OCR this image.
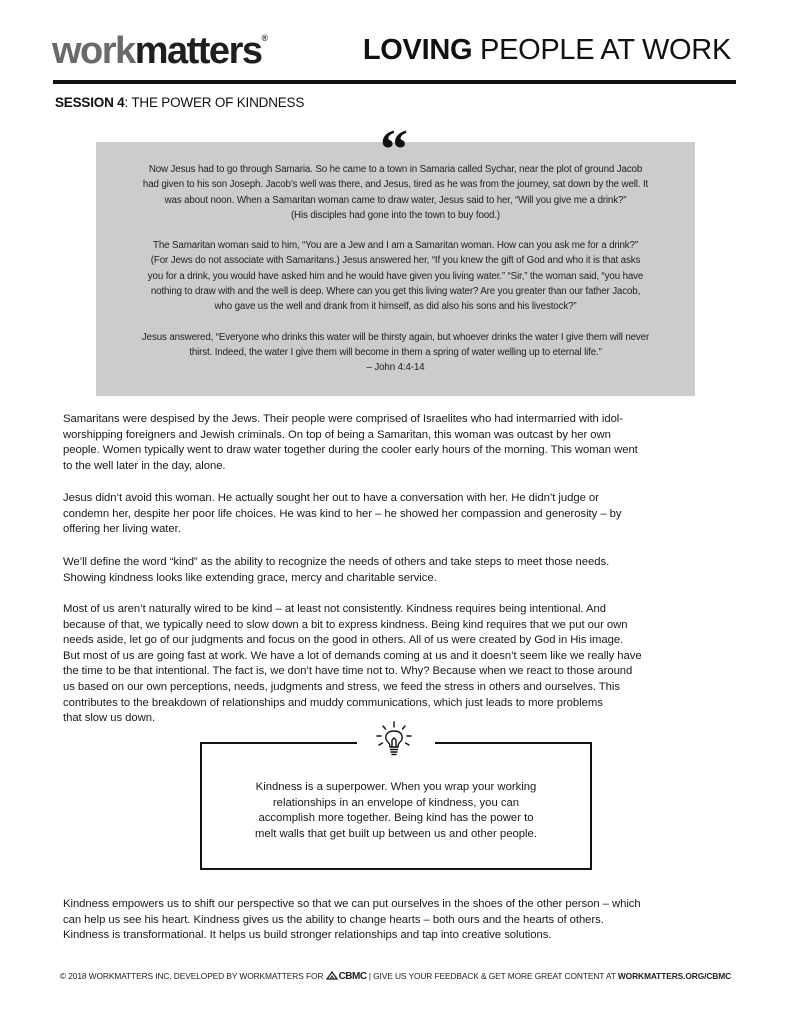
workmatters®	LOVING PEOPLE AT WORK
SESSION 4: THE POWER OF KINDNESS

Now Jesus had to go through Samaria. So he came to a town in Samaria called Sychar, near the plot of ground Jacob
had given to his son Joseph. Jacob’s well was there, and Jesus, tired as he was from the journey, sat down by the well. It
was about noon. When a Samaritan woman came to draw water, Jesus said to her, “Will you give me a drink?”
(His disciples had gone into the town to buy food.)

The Samaritan woman said to him, “You are a Jew and I am a Samaritan woman. How can you ask me for a drink?”
(For Jews do not associate with Samaritans.) Jesus answered her, “If you knew the gift of God and who it is that asks
you for a drink, you would have asked him and he would have given you living water.” “Sir,” the woman said, “you have
nothing to draw with and the well is deep. Where can you get this living water? Are you greater than our father Jacob,
who gave us the well and drank from it himself, as did also his sons and his livestock?”

Jesus answered, “Everyone who drinks this water will be thirsty again, but whoever drinks the water I give them will never
thirst. Indeed, the water I give them will become in them a spring of water welling up to eternal life.”
– John 4:4-14

“
Samaritans were despised by the Jews. Their people were comprised of Israelites who had intermarried with idol-
worshipping foreigners and Jewish criminals. On top of being a Samaritan, this woman was outcast by her own
people. Women typically went to draw water together during the cooler early hours of the morning. This woman went
to the well later in the day, alone.
Jesus didn’t avoid this woman. He actually sought her out to have a conversation with her. He didn’t judge or
condemn her, despite her poor life choices. He was kind to her – he showed her compassion and generosity – by
offering her living water.
We’ll define the word “kind” as the ability to recognize the needs of others and take steps to meet those needs.
Showing kindness looks like extending grace, mercy and charitable service.
Most of us aren’t naturally wired to be kind – at least not consistently. Kindness requires being intentional. And
because of that, we typically need to slow down a bit to express kindness. Being kind requires that we put our own
needs aside, let go of our judgments and focus on the good in others. All of us were created by God in His image.
But most of us are going fast at work. We have a lot of demands coming at us and it doesn’t seem like we really have
the time to be that intentional. The fact is, we don’t have time not to. Why? Because when we react to those around
us based on our own perceptions, needs, judgments and stress, we feed the stress in others and ourselves. This
contributes to the breakdown of relationships and muddy communications, which just leads to more problems
that slow us down.
Kindness is a superpower. When you wrap your working
relationships in an envelope of kindness, you can
accomplish more together. Being kind has the power to
melt walls that get built up between us and other people.
Kindness empowers us to shift our perspective so that we can put ourselves in the shoes of the other person – which
can help us see his heart. Kindness gives us the ability to change hearts – both ours and the hearts of others.
Kindness is transformational. It helps us build stronger relationships and tap into creative solutions.
© 2018 WORKMATTERS INC. DEVELOPED BY WORKMATTERS FOR CBMC | GIVE US YOUR FEEDBACK & GET MORE GREAT CONTENT AT WORKMATTERS.ORG/CBMC
